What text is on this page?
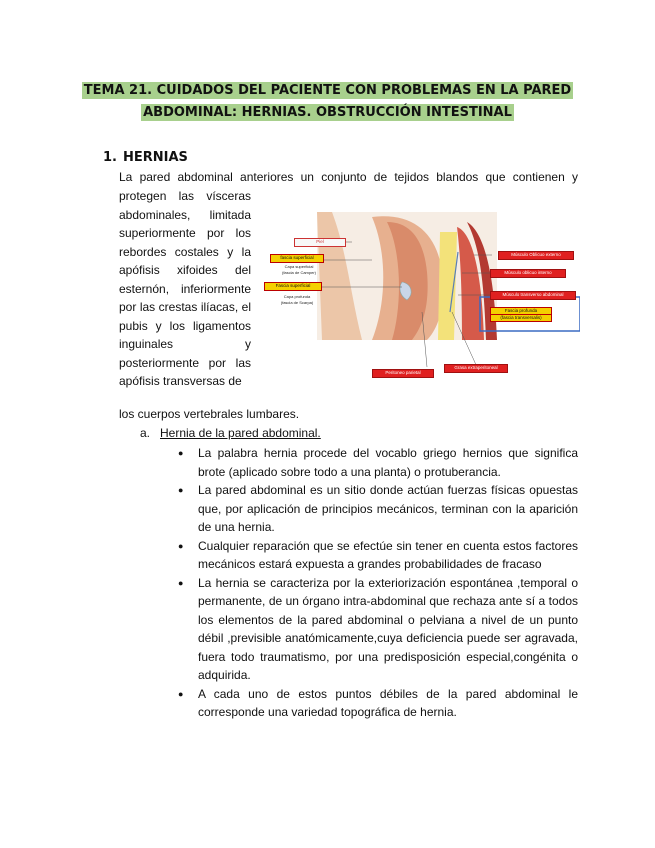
TEMA 21. CUIDADOS DEL PACIENTE CON PROBLEMAS EN LA PARED
ABDOMINAL: HERNIAS. OBSTRUCCIÓN INTESTINAL
1. HERNIAS
La pared abdominal anteriores un conjunto de tejidos blandos que contienen y
protegen las vísceras abdominales, limitada superiormente por los rebordes costales y la apófisis xifoides del esternón, inferiormente por las crestas ilíacas, el pubis y los ligamentos inguinales y posteriormente por las apófisis transversas de
los cuerpos vertebrales lumbares.
Piel
fascia superficial
Capa superficial
(fascia de Camper)
Fascia superficial
Capa profunda
(fascia de Scarpa)
Músculo Oblicuo externo
Músculo oblicuo interno
Músculo transverso abdominal
Fascia profunda
(fascia transversalis)
Peritoneo parietal
Grasa extraperitoneal
a. Hernia de la pared abdominal.
● La palabra hernia procede del vocablo griego hernios que significa brote (aplicado sobre todo a una planta) o protuberancia.
● La pared abdominal es un sitio donde actúan fuerzas físicas opuestas que, por aplicación de principios mecánicos, terminan con la aparición de una hernia.
● Cualquier reparación que se efectúe sin tener en cuenta estos factores mecánicos estará expuesta a grandes probabilidades de fracaso
● La hernia se caracteriza por la exteriorización espontánea ,temporal o permanente, de un órgano intra-abdominal que rechaza ante sí a todos los elementos de la pared abdominal o pelviana a nivel de un punto débil ,previsible anatómicamente,cuya deficiencia puede ser agravada, fuera todo traumatismo, por una predisposición especial,congénita o adquirida.
● A cada uno de estos puntos débiles de la pared abdominal le corresponde una variedad topográfica de hernia.
